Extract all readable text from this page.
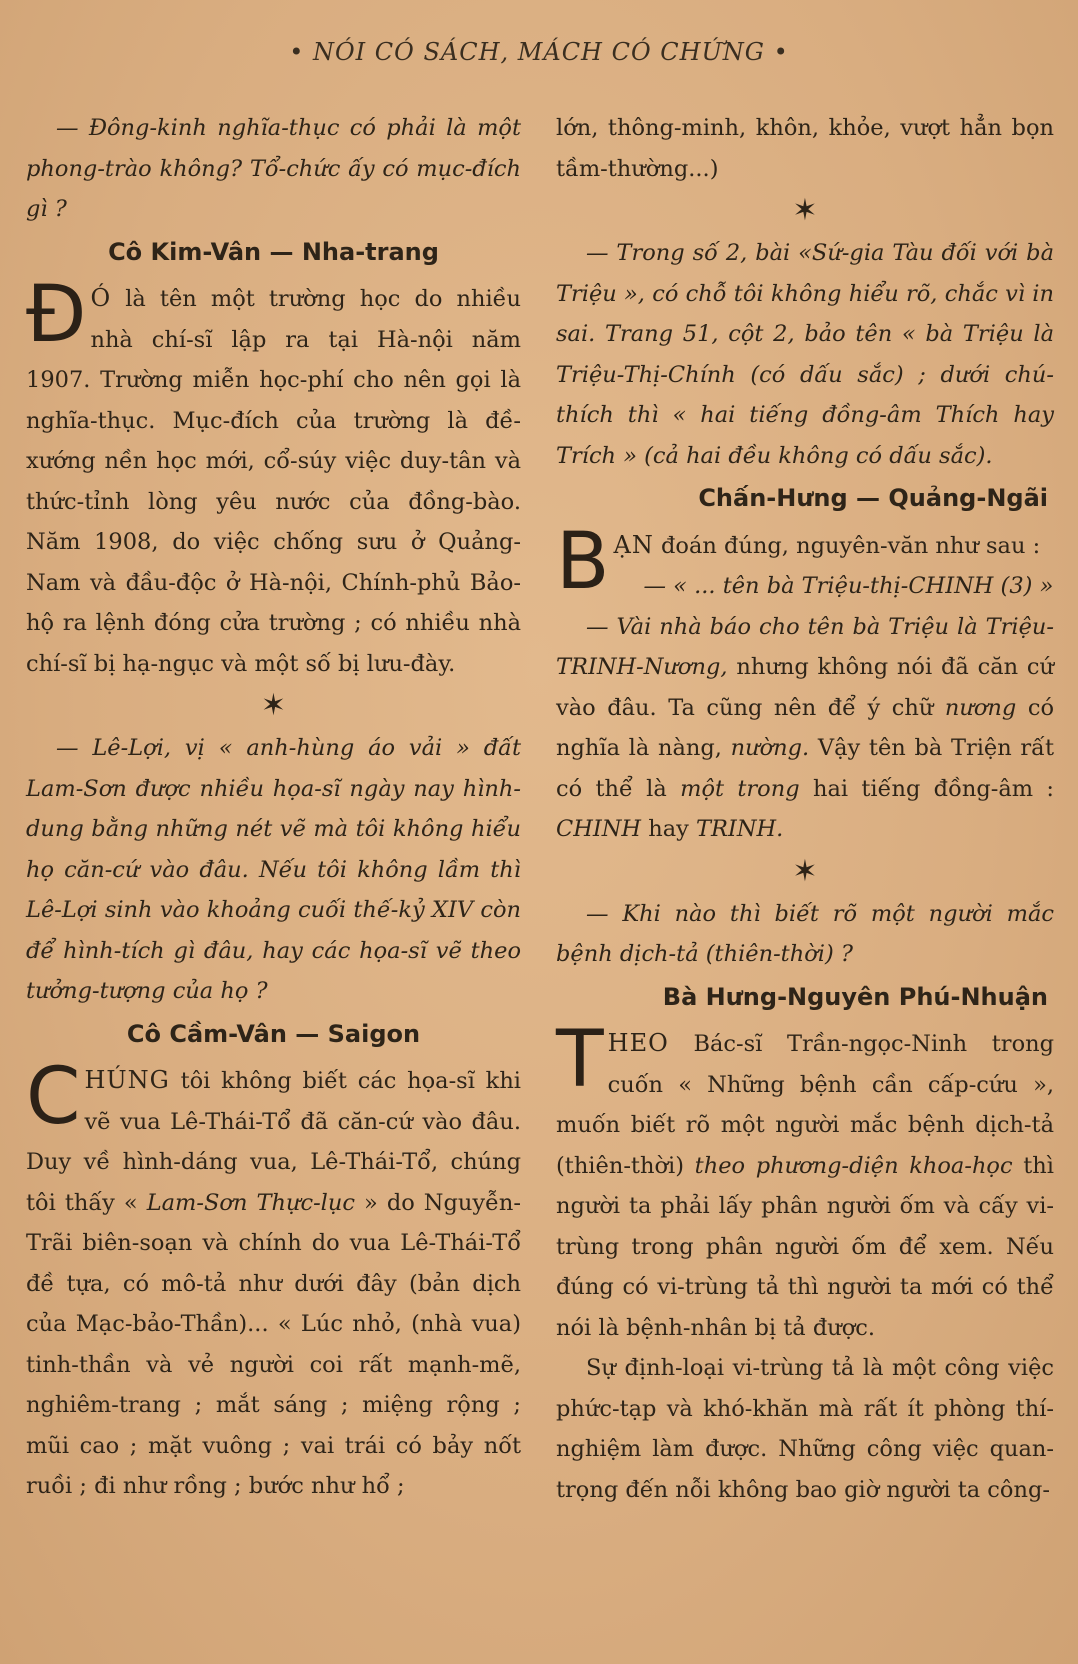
• NÓI CÓ SÁCH, MÁCH CÓ CHỨNG •

— Đông-kinh nghĩa-thục có phải là một phong-trào không? Tổ-chức ấy có mục-đích gì ?

Cô Kim-Vân — Nha-trang

Đ Ó là tên một trường học do nhiều nhà chí-sĩ lập ra tại Hà-nội năm 1907. Trường miễn học-phí cho nên gọi là nghĩa-thục. Mục-đích của trường là đề-xướng nền học mới, cổ-súy việc duy-tân và thức-tỉnh lòng yêu nước của đồng-bào. Năm 1908, do việc chống sưu ở Quảng-Nam và đầu-độc ở Hà-nội, Chính-phủ Bảo-hộ ra lệnh đóng cửa trường ; có nhiều nhà chí-sĩ bị hạ-ngục và một số bị lưu-đày.

✶

— Lê-Lợi, vị « anh-hùng áo vải » đất Lam-Sơn được nhiều họa-sĩ ngày nay hình-dung bằng những nét vẽ mà tôi không hiểu họ căn-cứ vào đâu. Nếu tôi không lầm thì Lê-Lợi sinh vào khoảng cuối thế-kỷ XIV còn để hình-tích gì đâu, hay các họa-sĩ vẽ theo tưởng-tượng của họ ?

Cô Cầm-Vân — Saigon

CHÚNG tôi không biết các họa-sĩ khi vẽ vua Lê-Thái-Tổ đã căn-cứ vào đâu. Duy về hình-dáng vua, Lê-Thái-Tổ, chúng tôi thấy « Lam-Sơn Thực-lục » do Nguyễn-Trãi biên-soạn và chính do vua Lê-Thái-Tổ đề tựa, có mô-tả như dưới đây (bản dịch của Mạc-bảo-Thần)... « Lúc nhỏ, (nhà vua) tinh-thần và vẻ người coi rất mạnh-mẽ, nghiêm-trang ; mắt sáng ; miệng rộng ; mũi cao ; mặt vuông ; vai trái có bảy nốt ruồi ; đi như rồng ; bước như hổ ;

lớn, thông-minh, khôn, khỏe, vượt hẳn bọn tầm-thường...)

✶

— Trong số 2, bài «Sứ-gia Tàu đối với bà Triệu », có chỗ tôi không hiểu rõ, chắc vì in sai. Trang 51, cột 2, bảo tên « bà Triệu là Triệu-Thị-Chính (có dấu sắc) ; dưới chú-thích thì « hai tiếng đồng-âm Thích hay Trích » (cả hai đều không có dấu sắc).

Chấn-Hưng — Quảng-Ngãi

BẠN đoán đúng, nguyên-văn như sau :

— « ... tên bà Triệu-thị-CHINH (3) »

— Vài nhà báo cho tên bà Triệu là Triệu-TRINH-Nương, nhưng không nói đã căn cứ vào đâu. Ta cũng nên để ý chữ nương có nghĩa là nàng, nường. Vậy tên bà Triện rất có thể là một trong hai tiếng đồng-âm : CHINH hay TRINH.

✶

— Khi nào thì biết rõ một người mắc bệnh dịch-tả (thiên-thời) ?

Bà Hưng-Nguyên Phú-Nhuận

THEO Bác-sĩ Trần-ngọc-Ninh trong cuốn « Những bệnh cần cấp-cứu », muốn biết rõ một người mắc bệnh dịch-tả (thiên-thời) theo phương-diện khoa-học thì người ta phải lấy phân người ốm và cấy vi-trùng trong phân người ốm để xem. Nếu đúng có vi-trùng tả thì người ta mới có thể nói là bệnh-nhân bị tả được.

Sự định-loại vi-trùng tả là một công việc phức-tạp và khó-khăn mà rất ít phòng thí-nghiệm làm được. Những công việc quan-trọng đến nỗi không bao giờ người ta công-
